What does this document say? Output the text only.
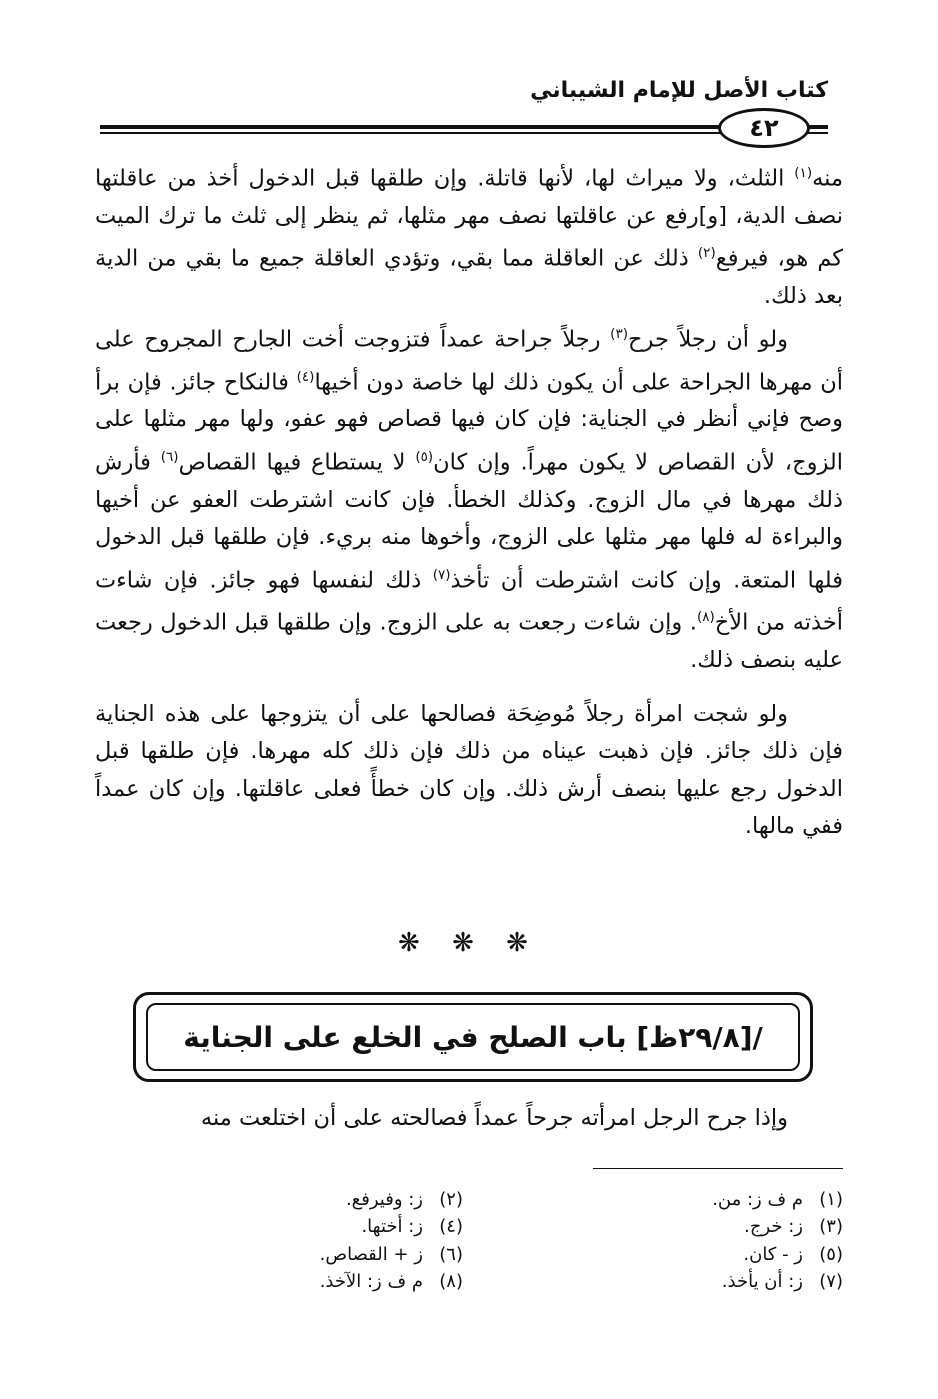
كتاب الأصل للإمام الشيباني
٤٢

منه$^{(١)}$ الثلث، ولا ميراث لها، لأنها قاتلة. وإن طلقها قبل الدخول أخذ من عاقلتها نصف الدية، [و]رفع عن عاقلتها نصف مهر مثلها، ثم ينظر إلى ثلث ما ترك الميت كم هو، فيرفع$^{(٢)}$ ذلك عن العاقلة مما بقي، وتؤدي العاقلة جميع ما بقي من الدية بعد ذلك.

ولو أن رجلاً جرح$^{(٣)}$ رجلاً جراحة عمداً فتزوجت أخت الجارح المجروح على أن مهرها الجراحة على أن يكون ذلك لها خاصة دون أخيها$^{(٤)}$ فالنكاح جائز. فإن برأ وصح فإني أنظر في الجناية: فإن كان فيها قصاص فهو عفو، ولها مهر مثلها على الزوج، لأن القصاص لا يكون مهراً. وإن كان$^{(٥)}$ لا يستطاع فيها القصاص$^{(٦)}$ فأرش ذلك مهرها في مال الزوج. وكذلك الخطأ. فإن كانت اشترطت العفو عن أخيها والبراءة له فلها مهر مثلها على الزوج، وأخوها منه بريء. فإن طلقها قبل الدخول فلها المتعة. وإن كانت اشترطت أن تأخذ$^{(٧)}$ ذلك لنفسها فهو جائز. فإن شاءت أخذته من الأخ$^{(٨)}$. وإن شاءت رجعت به على الزوج. وإن طلقها قبل الدخول رجعت عليه بنصف ذلك.

ولو شجت امرأة رجلاً مُوضِحَة فصالحها على أن يتزوجها على هذه الجناية فإن ذلك جائز. فإن ذهبت عيناه من ذلك فإن ذلك كله مهرها. فإن طلقها قبل الدخول رجع عليها بنصف أرش ذلك. وإن كان خطأً فعلى عاقلتها. وإن كان عمداً ففي مالها.

❋ ❋ ❋
/[٢٩/٨ظ] باب الصلح في الخلع على الجناية
وإذا جرح الرجل امرأته جرحاً عمداً فصالحته على أن اختلعت منه
(١)م ف ز: من.
(٣)ز: خرج.
(٥)ز - كان.
(٧)ز: أن يأخذ.
(٢)ز: وفيرفع.
(٤)ز: أختها.
(٦)ز + القصاص.
(٨)م ف ز: الآخذ.
